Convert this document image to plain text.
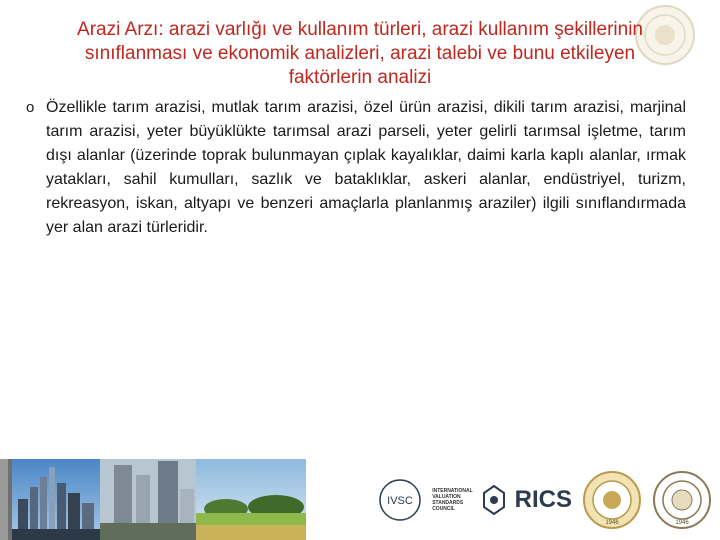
Arazi Arzı: arazi varlığı ve kullanım türleri, arazi kullanım şekillerinin
sınıflanması ve ekonomik analizleri, arazi talebi ve bunu etkileyen
faktörlerin analizi
o Özellikle tarım arazisi, mutlak tarım arazisi, özel ürün arazisi, dikili tarım arazisi, marjinal tarım arazisi, yeter büyüklükte tarımsal arazi parseli, yeter gelirli tarımsal işletme, tarım dışı alanlar (üzerinde toprak bulunmayan çıplak kayalıklar, daimi karla kaplı alanlar, ırmak yatakları, sahil kumulları, sazlık ve bataklıklar, askeri alanlar, endüstriyel, turizm, rekreasyon, iskan, altyapı ve benzeri amaçlarla planlanmış araziler) ilgili sınıflandırmada yer alan arazi türleridir.

IVSC
INTERNATIONAL
VALUATION
STANDARDS
COUNCIL	RICS
1946	1946
